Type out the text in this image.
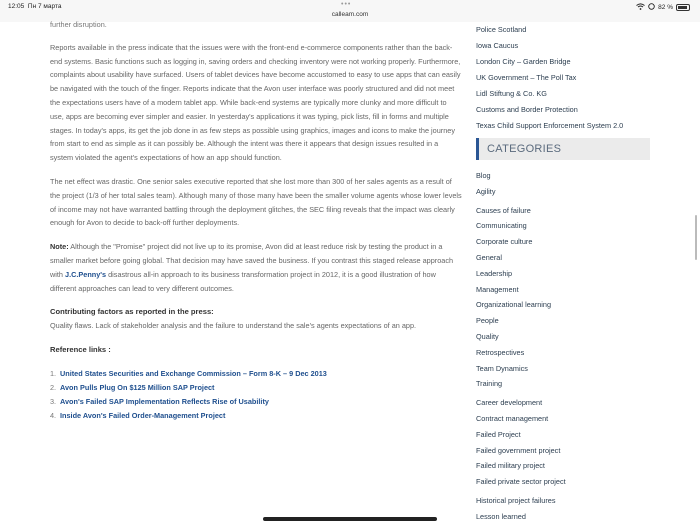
12:05 Пн 7 марта	•••
calleam.com
82 %

further disruption.

Reports available in the press indicate that the issues were with the front-end e-commerce components rather than the back-end systems. Basic functions such as logging in, saving orders and checking inventory were not working properly. Furthermore, complaints about usability have surfaced. Users of tablet devices have become accustomed to easy to use apps that can easily be navigated with the touch of the finger. Reports indicate that the Avon user interface was poorly structured and did not meet the expectations users have of a modern tablet app. While back-end systems are typically more clunky and more difficult to use, apps are becoming ever simpler and easier. In yesterday's applications it was typing, pick lists, fill in forms and multiple stages. In today's apps, its get the job done in as few steps as possible using graphics, images and icons to make the journey from start to end as simple as it can possibly be. Although the intent was there it appears that design issues resulted in a system violated the agent's expectations of how an app should function.

The net effect was drastic. One senior sales executive reported that she lost more than 300 of her sales agents as a result of the project (1/3 of her total sales team). Although many of those many have been the smaller volume agents whose lower levels of income may not have warranted battling through the deployment glitches, the SEC filing reveals that the impact was clearly enough for Avon to decide to back-off further deployments.

Note: Although the "Promise" project did not live up to its promise, Avon did at least reduce risk by testing the product in a smaller market before going global. That decision may have saved the business. If you contrast this staged release approach with J.C.Penny's disastrous all-in approach to its business transformation project in 2012, it is a good illustration of how different approaches can lead to very different outcomes.

Contributing factors as reported in the press:

Quality flaws. Lack of stakeholder analysis and the failure to understand the sale's agents expectations of an app.

Reference links :
1. United States Securities and Exchange Commission – Form 8-K – 9 Dec 2013
2. Avon Pulls Plug On $125 Million SAP Project
3. Avon's Failed SAP Implementation Reflects Rise of Usability
4. Inside Avon's Failed Order-Management Project
Police Scotland
Iowa Caucus
London City – Garden Bridge
UK Government – The Poll Tax
Lidl Stiftung & Co. KG
Customs and Border Protection
Texas Child Support Enforcement System 2.0
CATEGORIES
Blog
Agility
Causes of failure
Communicating
Corporate culture
General
Leadership
Management
Organizational learning
People
Quality
Retrospectives
Team Dynamics
Training
Career development
Contract management
Failed Project
Failed government project
Failed military project
Failed private sector project
Historical project failures
Lesson learned
